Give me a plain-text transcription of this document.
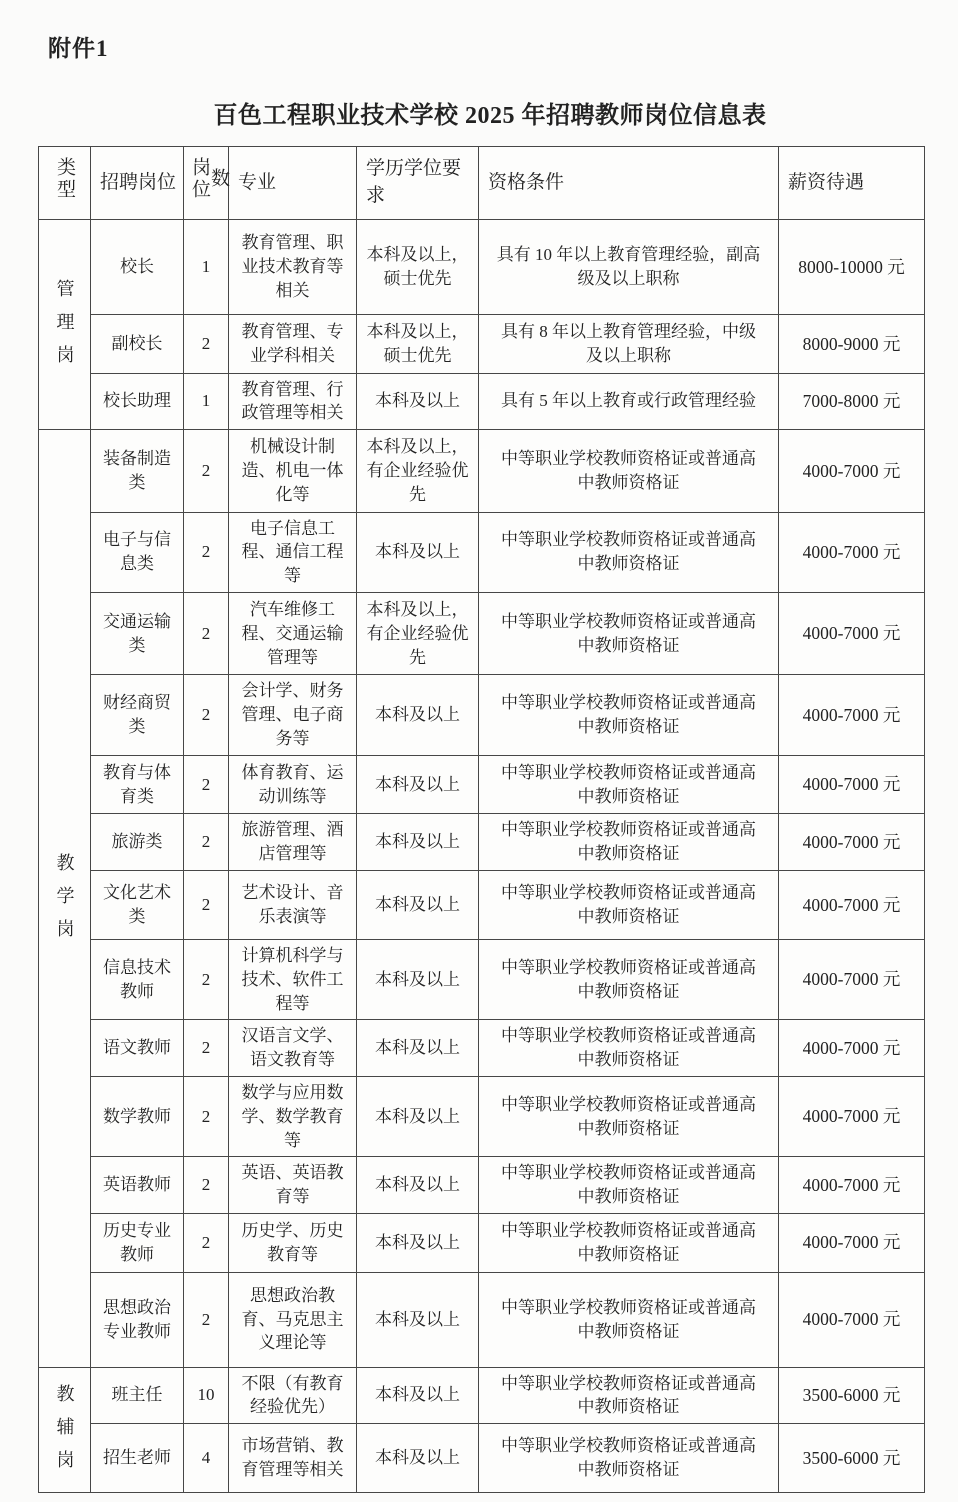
附件1
百色工程职业技术学校 2025 年招聘教师岗位信息表
类型	招聘岗位	岗位数	专业	学历学位要求	资格条件	薪资待遇
管理岗	校长	1	教育管理、职业技术教育等相关	本科及以上，硕士优先	具有 10 年以上教育管理经验，副高级及以上职称	8000-10000 元
	副校长	2	教育管理、专业学科相关	本科及以上，硕士优先	具有 8 年以上教育管理经验，中级及以上职称	8000-9000 元
	校长助理	1	教育管理、行政管理等相关	本科及以上	具有 5 年以上教育或行政管理经验	7000-8000 元
教学岗	装备制造类	2	机械设计制造、机电一体化等	本科及以上，有企业经验优先	中等职业学校教师资格证或普通高中教师资格证	4000-7000 元
	电子与信息类	2	电子信息工程、通信工程等	本科及以上	中等职业学校教师资格证或普通高中教师资格证	4000-7000 元
	交通运输类	2	汽车维修工程、交通运输管理等	本科及以上，有企业经验优先	中等职业学校教师资格证或普通高中教师资格证	4000-7000 元
	财经商贸类	2	会计学、财务管理、电子商务等	本科及以上	中等职业学校教师资格证或普通高中教师资格证	4000-7000 元
	教育与体育类	2	体育教育、运动训练等	本科及以上	中等职业学校教师资格证或普通高中教师资格证	4000-7000 元
	旅游类	2	旅游管理、酒店管理等	本科及以上	中等职业学校教师资格证或普通高中教师资格证	4000-7000 元
	文化艺术类	2	艺术设计、音乐表演等	本科及以上	中等职业学校教师资格证或普通高中教师资格证	4000-7000 元
	信息技术教师	2	计算机科学与技术、软件工程等	本科及以上	中等职业学校教师资格证或普通高中教师资格证	4000-7000 元
	语文教师	2	汉语言文学、语文教育等	本科及以上	中等职业学校教师资格证或普通高中教师资格证	4000-7000 元
	数学教师	2	数学与应用数学、数学教育等	本科及以上	中等职业学校教师资格证或普通高中教师资格证	4000-7000 元
	英语教师	2	英语、英语教育等	本科及以上	中等职业学校教师资格证或普通高中教师资格证	4000-7000 元
	历史专业教师	2	历史学、历史教育等	本科及以上	中等职业学校教师资格证或普通高中教师资格证	4000-7000 元
	思想政治专业教师	2	思想政治教育、马克思主义理论等	本科及以上	中等职业学校教师资格证或普通高中教师资格证	4000-7000 元
教辅岗	班主任	10	不限（有教育经验优先）	本科及以上	中等职业学校教师资格证或普通高中教师资格证	3500-6000 元
	招生老师	4	市场营销、教育管理等相关	本科及以上	中等职业学校教师资格证或普通高中教师资格证	3500-6000 元
